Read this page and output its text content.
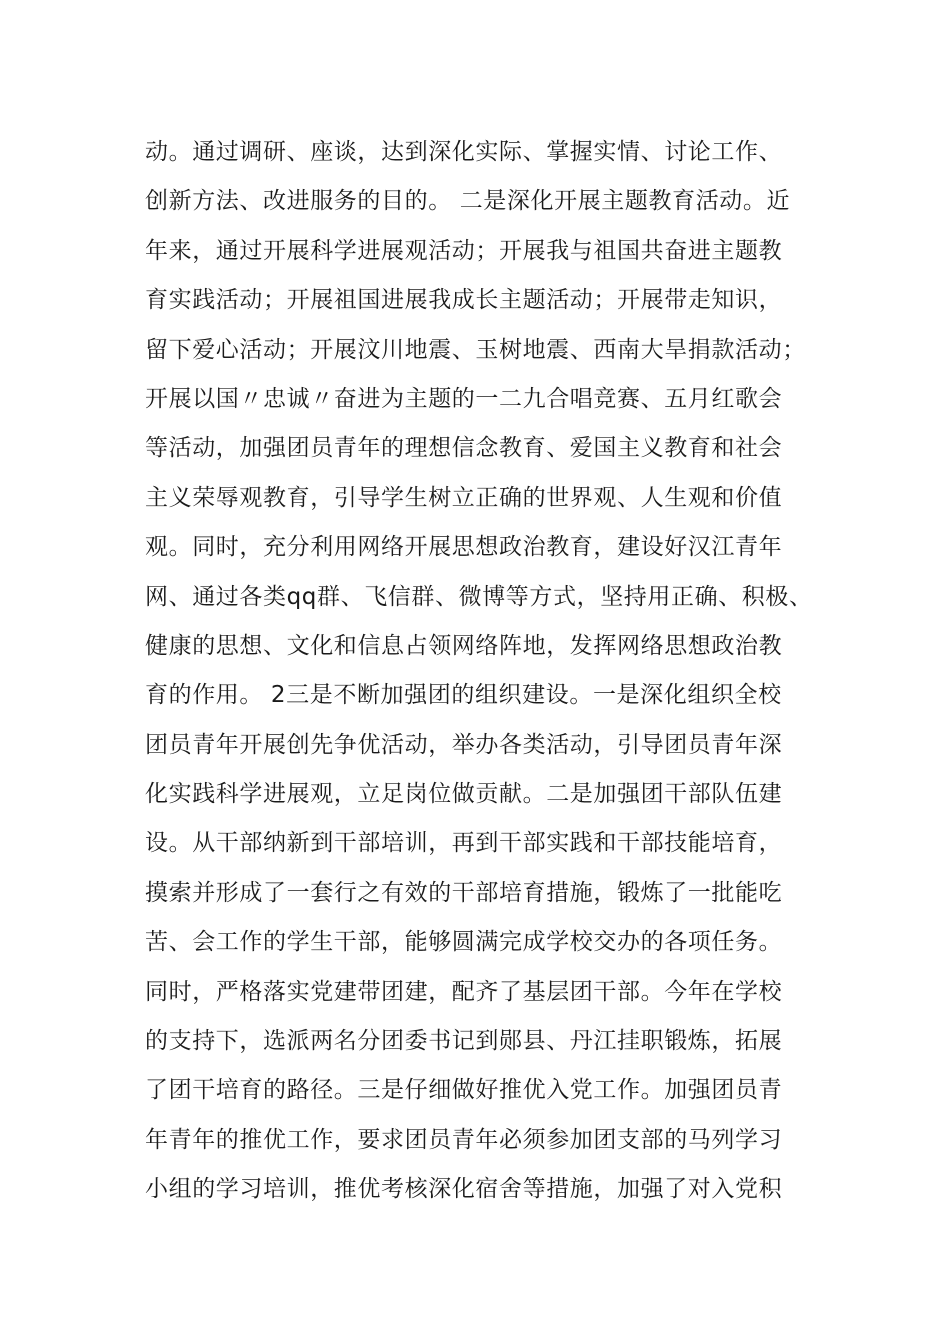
动。通过调研、座谈，达到深化实际、掌握实情、讨论工作、
创新方法、改进服务的目的。 二是深化开展主题教育活动。近
年来，通过开展科学进展观活动；开展我与祖国共奋进主题教
育实践活动；开展祖国进展我成长主题活动；开展带走知识，
留下爱心活动；开展汶川地震、玉树地震、西南大旱捐款活动；
开展以国〃忠诚〃奋进为主题的一二九合唱竞赛、五月红歌会
等活动，加强团员青年的理想信念教育、爱国主义教育和社会
主义荣辱观教育，引导学生树立正确的世界观、人生观和价值
观。同时，充分利用网络开展思想政治教育，建设好汉江青年
网、通过各类qq群、飞信群、微博等方式，坚持用正确、积极、
健康的思想、文化和信息占领网络阵地，发挥网络思想政治教
育的作用。 2三是不断加强团的组织建设。一是深化组织全校
团员青年开展创先争优活动，举办各类活动，引导团员青年深
化实践科学进展观，立足岗位做贡献。二是加强团干部队伍建
设。从干部纳新到干部培训，再到干部实践和干部技能培育，
摸索并形成了一套行之有效的干部培育措施，锻炼了一批能吃
苦、会工作的学生干部，能够圆满完成学校交办的各项任务。
同时，严格落实党建带团建，配齐了基层团干部。今年在学校
的支持下，选派两名分团委书记到郧县、丹江挂职锻炼，拓展
了团干培育的路径。三是仔细做好推优入党工作。加强团员青
年青年的推优工作，要求团员青年必须参加团支部的马列学习
小组的学习培训，推优考核深化宿舍等措施，加强了对入党积
